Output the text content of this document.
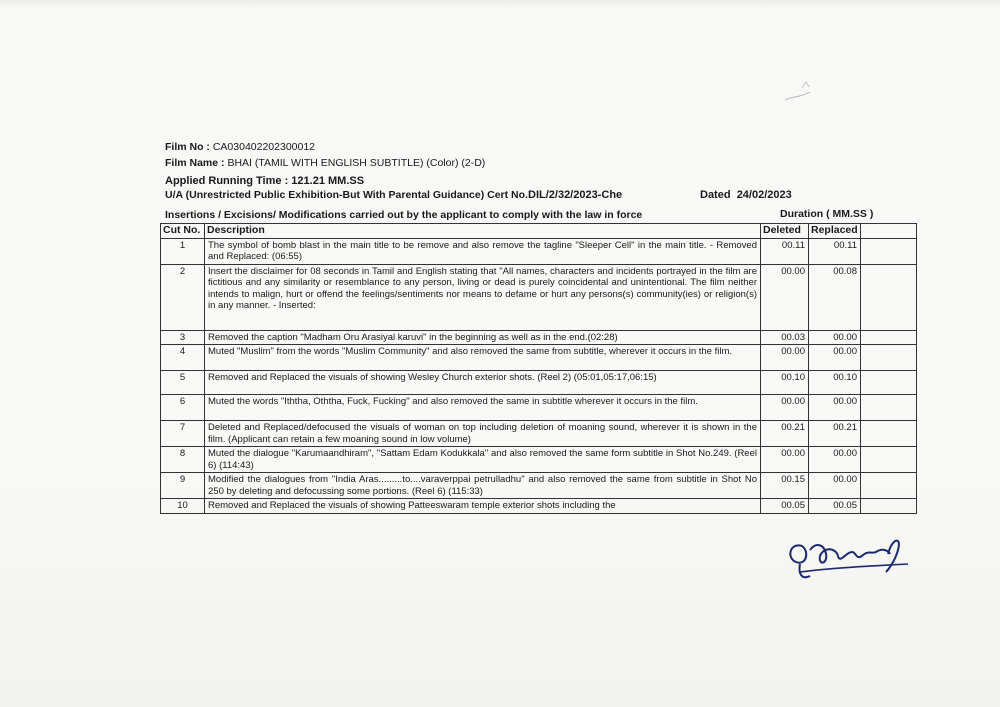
Film No : CA030402202300012
Film Name : BHAI (TAMIL WITH ENGLISH SUBTITLE) (Color) (2-D)
Applied Running Time : 121.21 MM.SS
U/A (Unrestricted Public Exhibition-But With Parental Guidance) Cert No. DIL/2/32/2023-Che	Dated 24/02/2023
Insertions / Excisions/ Modifications carried out by the applicant to comply with the law in force	Duration ( MM.SS )
Cut No.	Description	Deleted	Replaced	
1	The symbol of bomb blast in the main title to be remove and also remove the tagline "Sleeper Cell" in the main title. - Removed and Replaced: (06:55)	00.11	00.11	
2	Insert the disclaimer for 08 seconds in Tamil and English stating that "All names, characters and incidents portrayed in the film are fictitious and any similarity or resemblance to any person, living or dead is purely coincidental and unintentional. The film neither intends to malign, hurt or offend the feelings/sentiments nor means to defame or hurt any persons(s) community(ies) or religion(s) in any manner. - Inserted:	00.00	00.08	
3	Removed the caption "Madham Oru Arasiyal karuvi" in the beginning as well as in the end.(02:28)	00.03	00.00	
4	Muted "Muslim" from the words "Muslim Community" and also removed the same from subtitle, wherever it occurs in the film.	00.00	00.00	
5	Removed and Replaced the visuals of showing Wesley Church exterior shots. (Reel 2) (05:01,05:17,06:15)	00.10	00.10	
6	Muted the words "Iththa, Oththa, Fuck, Fucking" and also removed the same in subtitle wherever it occurs in the film.	00.00	00.00	
7	Deleted and Replaced/defocused the visuals of woman on top including deletion of moaning sound, wherever it is shown in the film. (Applicant can retain a few moaning sound in low volume)	00.21	00.21	
8	Muted the dialogue "Karumaandhiram", "Sattam Edam Kodukkala" and also removed the same form subtitle in Shot No.249. (Reel 6) (114:43)	00.00	00.00	
9	Modified the dialogues from "India Aras.........to....varaverppai petrulladhu" and also removed the same from subtitle in Shot No 250 by deleting and defocussing some portions. (Reel 6) (115:33)	00.15	00.00	
10	Removed and Replaced the visuals of showing Patteeswaram temple exterior shots including the	00.05	00.05	
